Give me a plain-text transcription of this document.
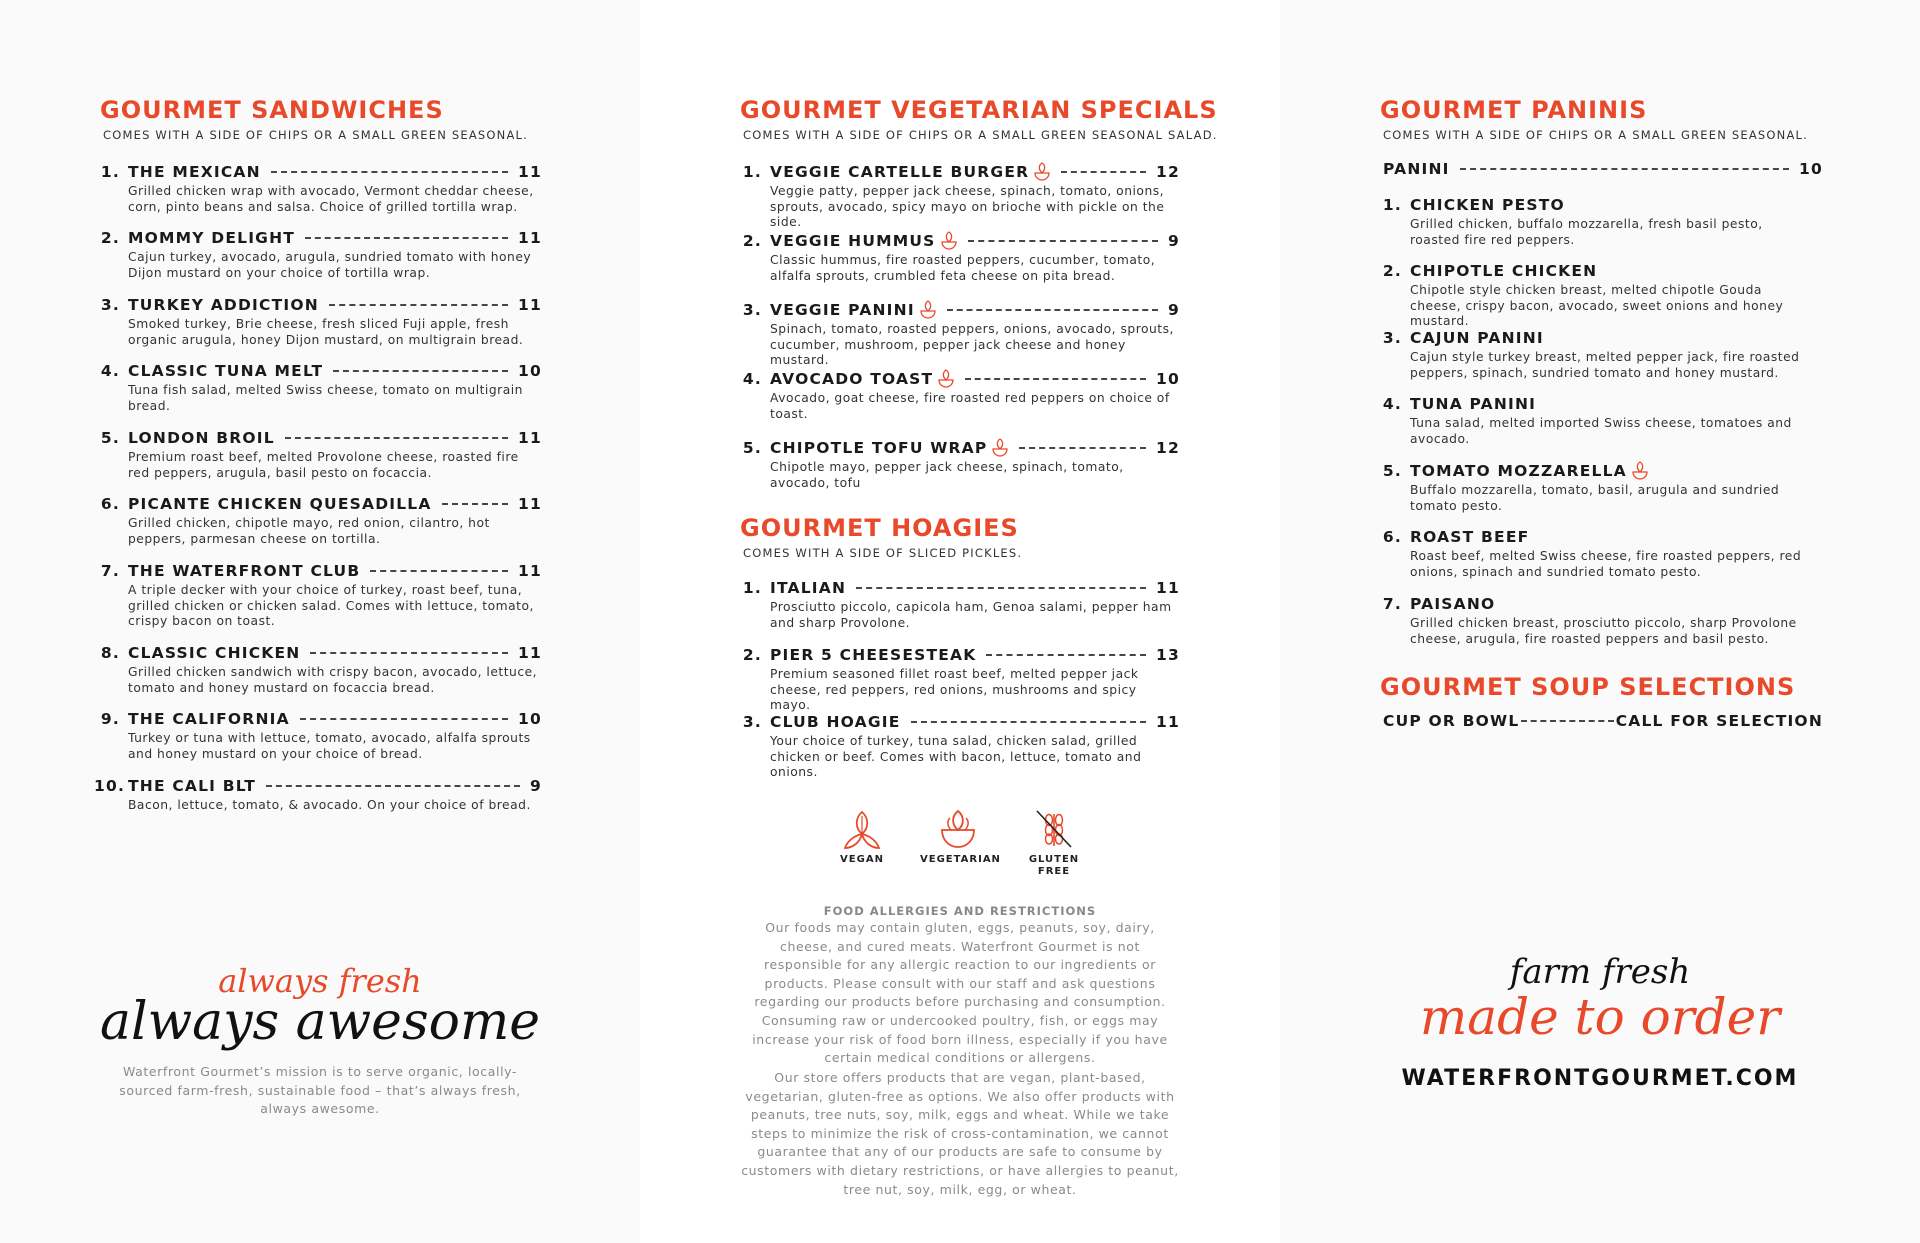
GOURMET SANDWICHES

COMES WITH A SIDE OF CHIPS OR A SMALL GREEN SEASONAL.

1. THE MEXICAN	11

Grilled chicken wrap with avocado, Vermont cheddar cheese, corn, pinto beans and salsa. Choice of grilled tortilla wrap.

2. MOMMY DELIGHT	11

Cajun turkey, avocado, arugula, sundried tomato with honey Dijon mustard on your choice of tortilla wrap.

3. TURKEY ADDICTION	11

Smoked turkey, Brie cheese, fresh sliced Fuji apple, fresh organic arugula, honey Dijon mustard, on multigrain bread.

4. CLASSIC TUNA MELT	10

Tuna fish salad, melted Swiss cheese, tomato on multigrain bread.

5. LONDON BROIL	11

Premium roast beef, melted Provolone cheese, roasted fire red peppers, arugula, basil pesto on focaccia.

6. PICANTE CHICKEN QUESADILLA	11

Grilled chicken, chipotle mayo, red onion, cilantro, hot peppers, parmesan cheese on tortilla.

7. THE WATERFRONT CLUB	11

A triple decker with your choice of turkey, roast beef, tuna, grilled chicken or chicken salad. Comes with lettuce, tomato, crispy bacon on toast.

8. CLASSIC CHICKEN	11

Grilled chicken sandwich with crispy bacon, avocado, lettuce, tomato and honey mustard on focaccia bread.

9. THE CALIFORNIA	10

Turkey or tuna with lettuce, tomato, avocado, alfalfa sprouts and honey mustard on your choice of bread.

10. THE CALI BLT	9

Bacon, lettuce, tomato, & avocado. On your choice of bread.

always fresh
always awesome

Waterfront Gourmet’s mission is to serve organic, locally-sourced farm-fresh, sustainable food – that’s always fresh, always awesome.

GOURMET VEGETARIAN SPECIALS

COMES WITH A SIDE OF CHIPS OR A SMALL GREEN SEASONAL SALAD.

1. VEGGIE CARTELLE BURGER	12

Veggie patty, pepper jack cheese, spinach, tomato, onions, sprouts, avocado, spicy mayo on brioche with pickle on the side.

2. VEGGIE HUMMUS	9

Classic hummus, fire roasted peppers, cucumber, tomato, alfalfa sprouts, crumbled feta cheese on pita bread.

3. VEGGIE PANINI	9

Spinach, tomato, roasted peppers, onions, avocado, sprouts, cucumber, mushroom, pepper jack cheese and honey mustard.

4. AVOCADO TOAST	10

Avocado, goat cheese, fire roasted red peppers on choice of toast.

5. CHIPOTLE TOFU WRAP	12

Chipotle mayo, pepper jack cheese, spinach, tomato, avocado, tofu

GOURMET HOAGIES

COMES WITH A SIDE OF SLICED PICKLES.

1. ITALIAN	11

Prosciutto piccolo, capicola ham, Genoa salami, pepper ham and sharp Provolone.

2. PIER 5 CHEESESTEAK	13

Premium seasoned fillet roast beef, melted pepper jack cheese, red peppers, red onions, mushrooms and spicy mayo.

3. CLUB HOAGIE	11

Your choice of turkey, tuna salad, chicken salad, grilled chicken or beef. Comes with bacon, lettuce, tomato and onions.

VEGAN	VEGETARIAN	GLUTEN
FREE
FOOD ALLERGIES AND RESTRICTIONS

Our foods may contain gluten, eggs, peanuts, soy, dairy, cheese, and cured meats. Waterfront Gourmet is not responsible for any allergic reaction to our ingredients or products. Please consult with our staff and ask questions regarding our products before purchasing and consumption. Consuming raw or undercooked poultry, fish, or eggs may increase your risk of food born illness, especially if you have certain medical conditions or allergens.

Our store offers products that are vegan, plant-based, vegetarian, gluten-free as options. We also offer products with peanuts, tree nuts, soy, milk, eggs and wheat. While we take steps to minimize the risk of cross-contamination, we cannot guarantee that any of our products are safe to consume by customers with dietary restrictions, or have allergies to peanut, tree nut, soy, milk, egg, or wheat.

GOURMET PANINIS

COMES WITH A SIDE OF CHIPS OR A SMALL GREEN SEASONAL.

PANINI	10
1. CHICKEN PESTO

Grilled chicken, buffalo mozzarella, fresh basil pesto, roasted fire red peppers.

2. CHIPOTLE CHICKEN

Chipotle style chicken breast, melted chipotle Gouda cheese, crispy bacon, avocado, sweet onions and honey mustard.

3. CAJUN PANINI

Cajun style turkey breast, melted pepper jack, fire roasted peppers, spinach, sundried tomato and honey mustard.

4. TUNA PANINI

Tuna salad, melted imported Swiss cheese, tomatoes and avocado.

5. TOMATO MOZZARELLA

Buffalo mozzarella, tomato, basil, arugula and sundried tomato pesto.

6. ROAST BEEF

Roast beef, melted Swiss cheese, fire roasted peppers, red onions, spinach and sundried tomato pesto.

7. PAISANO

Grilled chicken breast, prosciutto piccolo, sharp Provolone cheese, arugula, fire roasted peppers and basil pesto.

GOURMET SOUP SELECTIONS
CUP OR BOWL	CALL FOR SELECTION
farm fresh
made to order
WATERFRONTGOURMET.COM
